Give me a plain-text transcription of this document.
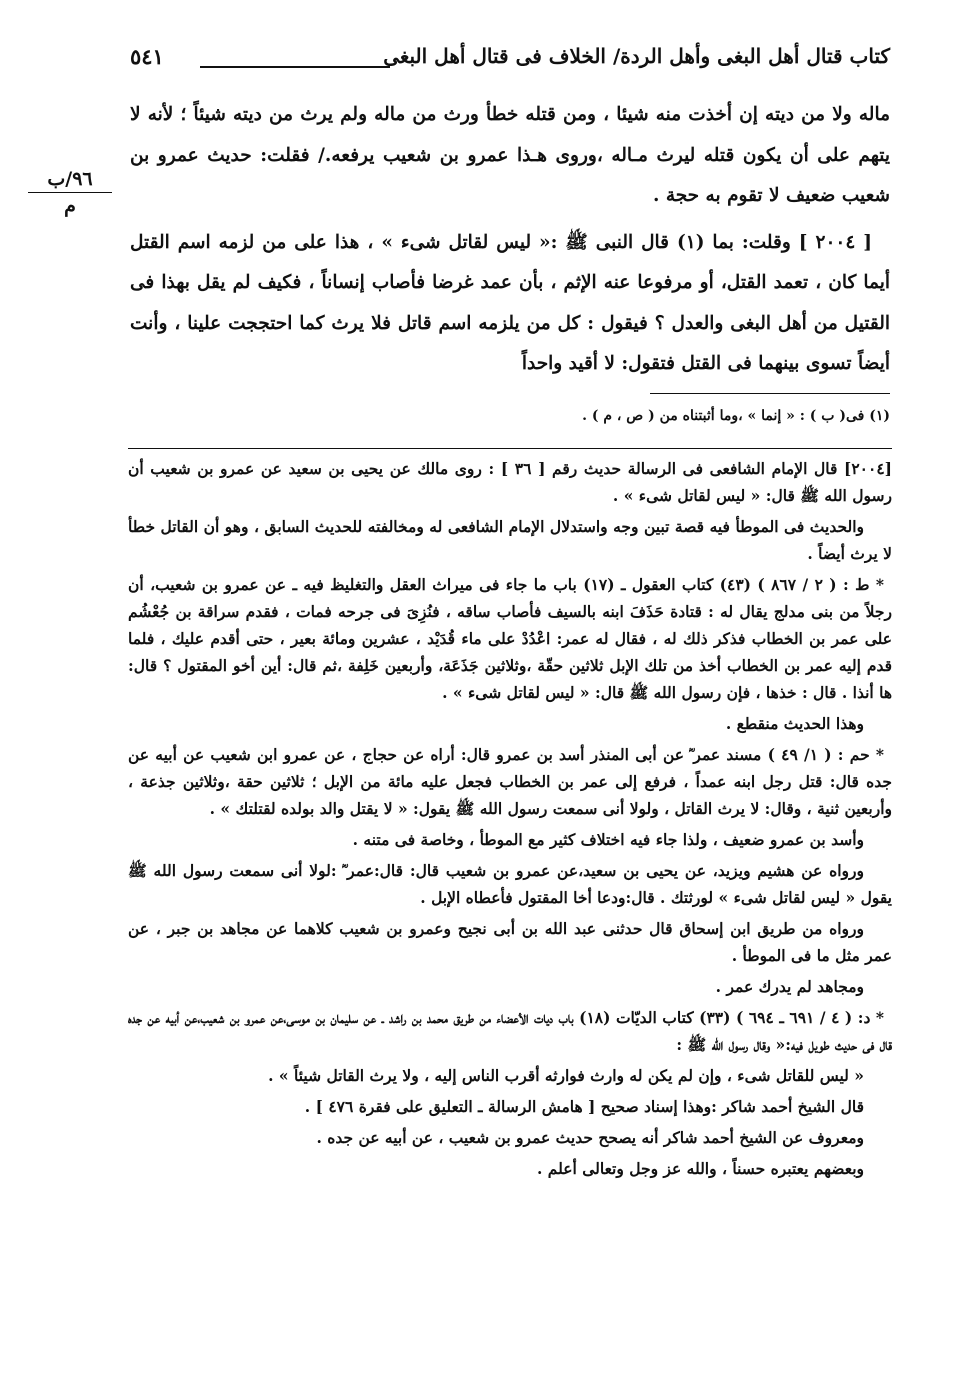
كتاب قتال أهل البغى وأهل الردة/ الخلاف فى قتال أهل البغى
٥٤١
٩٦/ب
م

ماله ولا من ديته إن أخذت منه شيئا ، ومن قتله خطأ ورث من ماله ولم يرث من ديته شيئاً ؛ لأنه لا يتهم على أن يكون قتله ليرث مـاله ،وروى هـذا عمرو بن شعيب يرفعه./ فقلت: حديث عمرو بن شعيب ضعيف لا تقوم به حجة .

[ ٢٠٠٤ ] وقلت: بما (١) قال النبى ﷺ :« ليس لقاتل شىء » ، هذا على من لزمه اسم القتل أيما كان ، تعمد القتل، أو مرفوعا عنه الإثم ، بأن عمد غرضا فأصاب إنساناً ، فكيف لم يقل بهذا فى القتيل من أهل البغى والعدل ؟ فيقول : كل من يلزمه اسم قاتل فلا يرث كما احتججت علينا ، وأنت أيضاً تسوى بينهما فى القتل فتقول: لا أقيد واحداً

(١) فى( ب ) : « إنما » ،وما أثبتناه من ( ص ، م ) .

[٢٠٠٤] قال الإمام الشافعى فى الرسالة حديث رقم [ ٣٦ ] : روى مالك عن يحيى بن سعيد عن عمرو بن شعيب أن رسول الله ﷺ قال: « ليس لقاتل شىء » .

والحديث فى الموطأ فيه قصة تبين وجه واستدلال الإمام الشافعى له ومخالفته للحديث السابق ، وهو أن القاتل خطأ لا يرث أيضاً .

* ط : ( ٢ / ٨٦٧ ) (٤٣) كتاب العقول ـ (١٧) باب ما جاء فى ميراث العقل والتغليظ فيه ـ عن عمرو بن شعيب، أن رجلاً من بنى مدلج يقال له : قتادة حَذَفَ ابنه بالسيف فأصاب ساقه ، فنُزِىَ فى جرحه فمات ، فقدم سراقة بن جُعْشُم على عمر بن الخطاب فذكر ذلك له ، فقال له عمر: اعْدُدْ على ماء قُدَيْد ، عشرين ومائة بعير ، حتى أقدم عليك ، فلما قدم إليه عمر بن الخطاب أخذ من تلك الإبل ثلاثين حقّة ،وثلاثين جَذَعَة، وأربعين خَلِفة ،ثم قال: أين أخو المقتول ؟ قال: ها أنذا . قال : خذها ، فإن رسول الله ﷺ قال: « ليس لقاتل شىء » .

وهذا الحديث منقطع .

* حم : ( ١/ ٤٩ ) مسند عمر ؓ عن أبى المنذر أسد بن عمرو قال: أراه عن حجاج ، عن عمرو ابن شعيب عن أبيه عن جده قال: قتل رجل ابنه عمداً ، فرفع إلى عمر بن الخطاب فجعل عليه مائة من الإبل ؛ ثلاثين حقة ،وثلاثين جذعة ، وأربعين ثنية ، وقال: لا يرث القاتل ، ولولا أنى سمعت رسول الله ﷺ يقول: « لا يقتل والد بولده لقتلتك » .

وأسد بن عمرو ضعيف ، ولذا جاء فيه اختلاف كثير مع الموطأ ، وخاصة فى متنه .

ورواه عن هشيم ويزيد، عن يحيى بن سعيد،عن عمرو بن شعيب قال: قال:عمر ؓ :لولا أنى سمعت رسول الله ﷺ يقول « ليس لقاتل شىء » لورثتك . قال:ودعا أخا المقتول فأعطاه الإبل .

ورواه من طريق ابن إسحاق قال حدثنى عبد الله بن أبى نجيح وعمرو بن شعيب كلاهما عن مجاهد بن جبر ، عن عمر مثل ما فى الموطأ .

ومجاهد لم يدرك عمر .

* د: ( ٤ / ٦٩١ ـ ٦٩٤ ) (٣٣) كتاب الديّات (١٨) باب ديات الأعضاء من طريق محمد بن راشد ـ عن سليمان بن موسى،عن عمرو بن شعيب،عن أبيه عن جده قال فى حديث طويل فيه:« وقال رسول الله ﷺ :

« ليس للقاتل شىء ، وإن لم يكن له وارث فوارثه أقرب الناس إليه ، ولا يرث القاتل شيئاً » .

قال الشيخ أحمد شاكر :وهذا إسناد صحيح [ هامش الرسالة ـ التعليق على فقرة ٤٧٦ ] .

ومعروف عن الشيخ أحمد شاكر أنه يصحح حديث عمرو بن شعيب ، عن أبيه عن جده .

وبعضهم يعتبره حسناً ، والله عز وجل وتعالى أعلم .
